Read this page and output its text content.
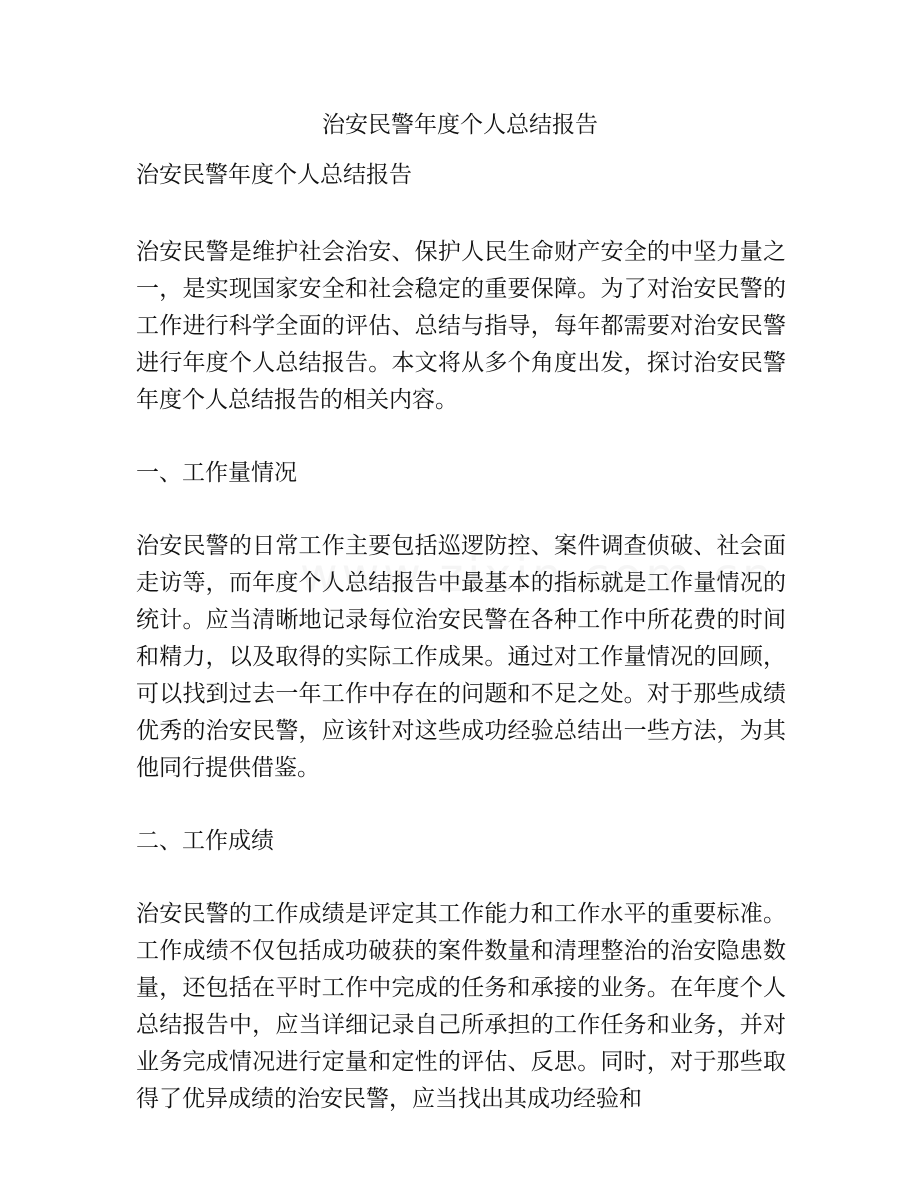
治安民警年度个人总结报告

治安民警年度个人总结报告

治安民警是维护社会治安、保护人民生命财产安全的中坚力量之一，是实现国家安全和社会稳定的重要保障。为了对治安民警的工作进行科学全面的评估、总结与指导，每年都需要对治安民警进行年度个人总结报告。本文将从多个角度出发，探讨治安民警年度个人总结报告的相关内容。

一、工作量情况

治安民警的日常工作主要包括巡逻防控、案件调查侦破、社会面走访等，而年度个人总结报告中最基本的指标就是工作量情况的统计。应当清晰地记录每位治安民警在各种工作中所花费的时间和精力，以及取得的实际工作成果。通过对工作量情况的回顾，可以找到过去一年工作中存在的问题和不足之处。对于那些成绩优秀的治安民警，应该针对这些成功经验总结出一些方法，为其他同行提供借鉴。

二、工作成绩

治安民警的工作成绩是评定其工作能力和工作水平的重要标准。工作成绩不仅包括成功破获的案件数量和清理整治的治安隐患数量，还包括在平时工作中完成的任务和承接的业务。在年度个人总结报告中，应当详细记录自己所承担的工作任务和业务，并对业务完成情况进行定量和定性的评估、反思。同时，对于那些取得了优异成绩的治安民警，应当找出其成功经验和
